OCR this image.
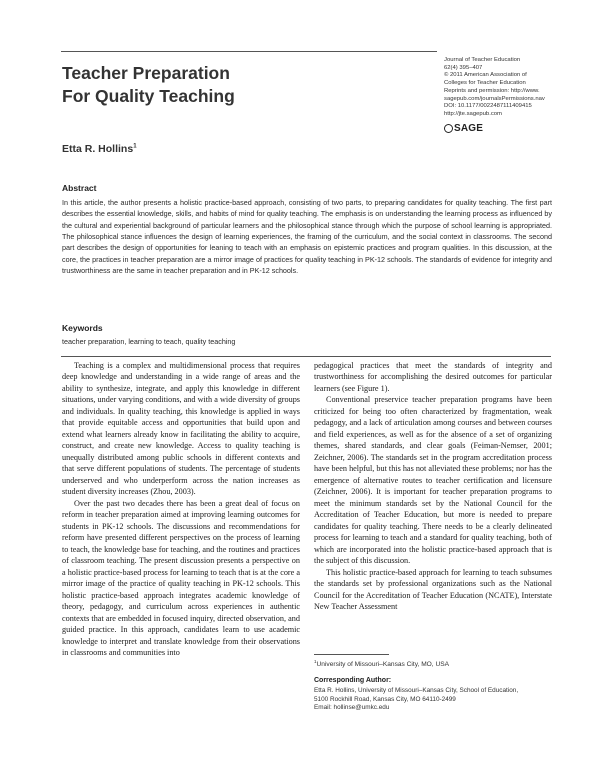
Teacher Preparation
For Quality Teaching
Etta R. Hollins$^1$
Journal of Teacher Education
62(4) 395–407
© 2011 American Association of
Colleges for Teacher Education
Reprints and permission: http://www.
sagepub.com/journalsPermissions.nav
DOI: 10.1177/0022487111409415
http://jte.sagepub.com
SAGE
Abstract
In this article, the author presents a holistic practice-based approach, consisting of two parts, to preparing candidates for quality teaching. The first part describes the essential knowledge, skills, and habits of mind for quality teaching. The emphasis is on understanding the learning process as influenced by the cultural and experiential background of particular learners and the philosophical stance through which the purpose of school learning is appropriated. The philosophical stance influences the design of learning experiences, the framing of the curriculum, and the social context in classrooms. The second part describes the design of opportunities for leaning to teach with an emphasis on epistemic practices and program qualities. In this discussion, at the core, the practices in teacher preparation are a mirror image of practices for quality teaching in PK-12 schools. The standards of evidence for integrity and trustworthiness are the same in teacher preparation and in PK-12 schools.
Keywords
teacher preparation, learning to teach, quality teaching

Teaching is a complex and multidimensional process that requires deep knowledge and understanding in a wide range of areas and the ability to synthesize, integrate, and apply this knowledge in different situations, under varying conditions, and with a wide diversity of groups and individuals. In quality teaching, this knowledge is applied in ways that provide equitable access and opportunities that build upon and extend what learners already know in facilitating the ability to acquire, construct, and create new knowledge. Access to quality teaching is unequally distributed among public schools in different contexts and that serve different populations of students. The percentage of students underserved and who underperform across the nation increases as student diversity increases (Zhou, 2003).

Over the past two decades there has been a great deal of focus on reform in teacher preparation aimed at improving learning outcomes for students in PK-12 schools. The discussions and recommendations for reform have presented different perspectives on the process of learning to teach, the knowledge base for teaching, and the routines and practices of classroom teaching. The present discussion presents a perspective on a holistic practice-based process for learning to teach that is at the core a mirror image of the practice of quality teaching in PK-12 schools. This holistic practice-based approach integrates academic knowledge of theory, pedagogy, and curriculum across experiences in authentic contexts that are embedded in focused inquiry, directed observation, and guided practice. In this approach, candidates learn to use academic knowledge to interpret and translate knowledge from their observations in classrooms and communities into

pedagogical practices that meet the standards of integrity and trustworthiness for accomplishing the desired outcomes for particular learners (see Figure 1).

Conventional preservice teacher preparation programs have been criticized for being too often characterized by fragmentation, weak pedagogy, and a lack of articulation among courses and between courses and field experiences, as well as for the absence of a set of organizing themes, shared standards, and clear goals (Feiman-Nemser, 2001; Zeichner, 2006). The standards set in the program accreditation process have been helpful, but this has not alleviated these problems; nor has the emergence of alternative routes to teacher certification and licensure (Zeichner, 2006). It is important for teacher preparation programs to meet the minimum standards set by the National Council for the Accreditation of Teacher Education, but more is needed to prepare candidates for quality teaching. There needs to be a clearly delineated process for learning to teach and a standard for quality teaching, both of which are incorporated into the holistic practice-based approach that is the subject of this discussion.

This holistic practice-based approach for learning to teach subsumes the standards set by professional organizations such as the National Council for the Accreditation of Teacher Education (NCATE), Interstate New Teacher Assessment

$^1$University of Missouri–Kansas City, MO, USA
Corresponding Author:
Etta R. Hollins, University of Missouri–Kansas City, School of Education,
5100 Rockhill Road, Kansas City, MO 64110-2499
Email: hollinse@umkc.edu
